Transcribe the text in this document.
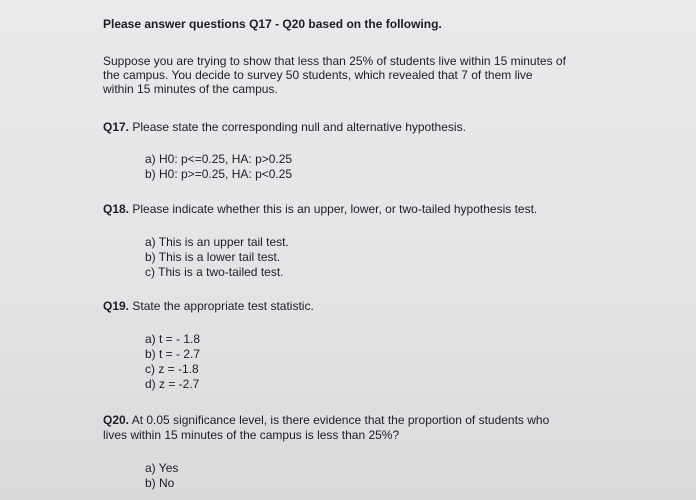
Please answer questions Q17 - Q20 based on the following.
Suppose you are trying to show that less than 25% of students live within 15 minutes of
the campus. You decide to survey 50 students, which revealed that 7 of them live
within 15 minutes of the campus.
Q17. Please state the corresponding null and alternative hypothesis.
a) H0: p<=0.25, HA: p>0.25
b) H0: p>=0.25, HA: p<0.25
Q18. Please indicate whether this is an upper, lower, or two-tailed hypothesis test.
a) This is an upper tail test.
b) This is a lower tail test.
c) This is a two-tailed test.
Q19. State the appropriate test statistic.
a) t = - 1.8
b) t = - 2.7
c) z = -1.8
d) z = -2.7
Q20. At 0.05 significance level, is there evidence that the proportion of students who
lives within 15 minutes of the campus is less than 25%?
a) Yes
b) No
